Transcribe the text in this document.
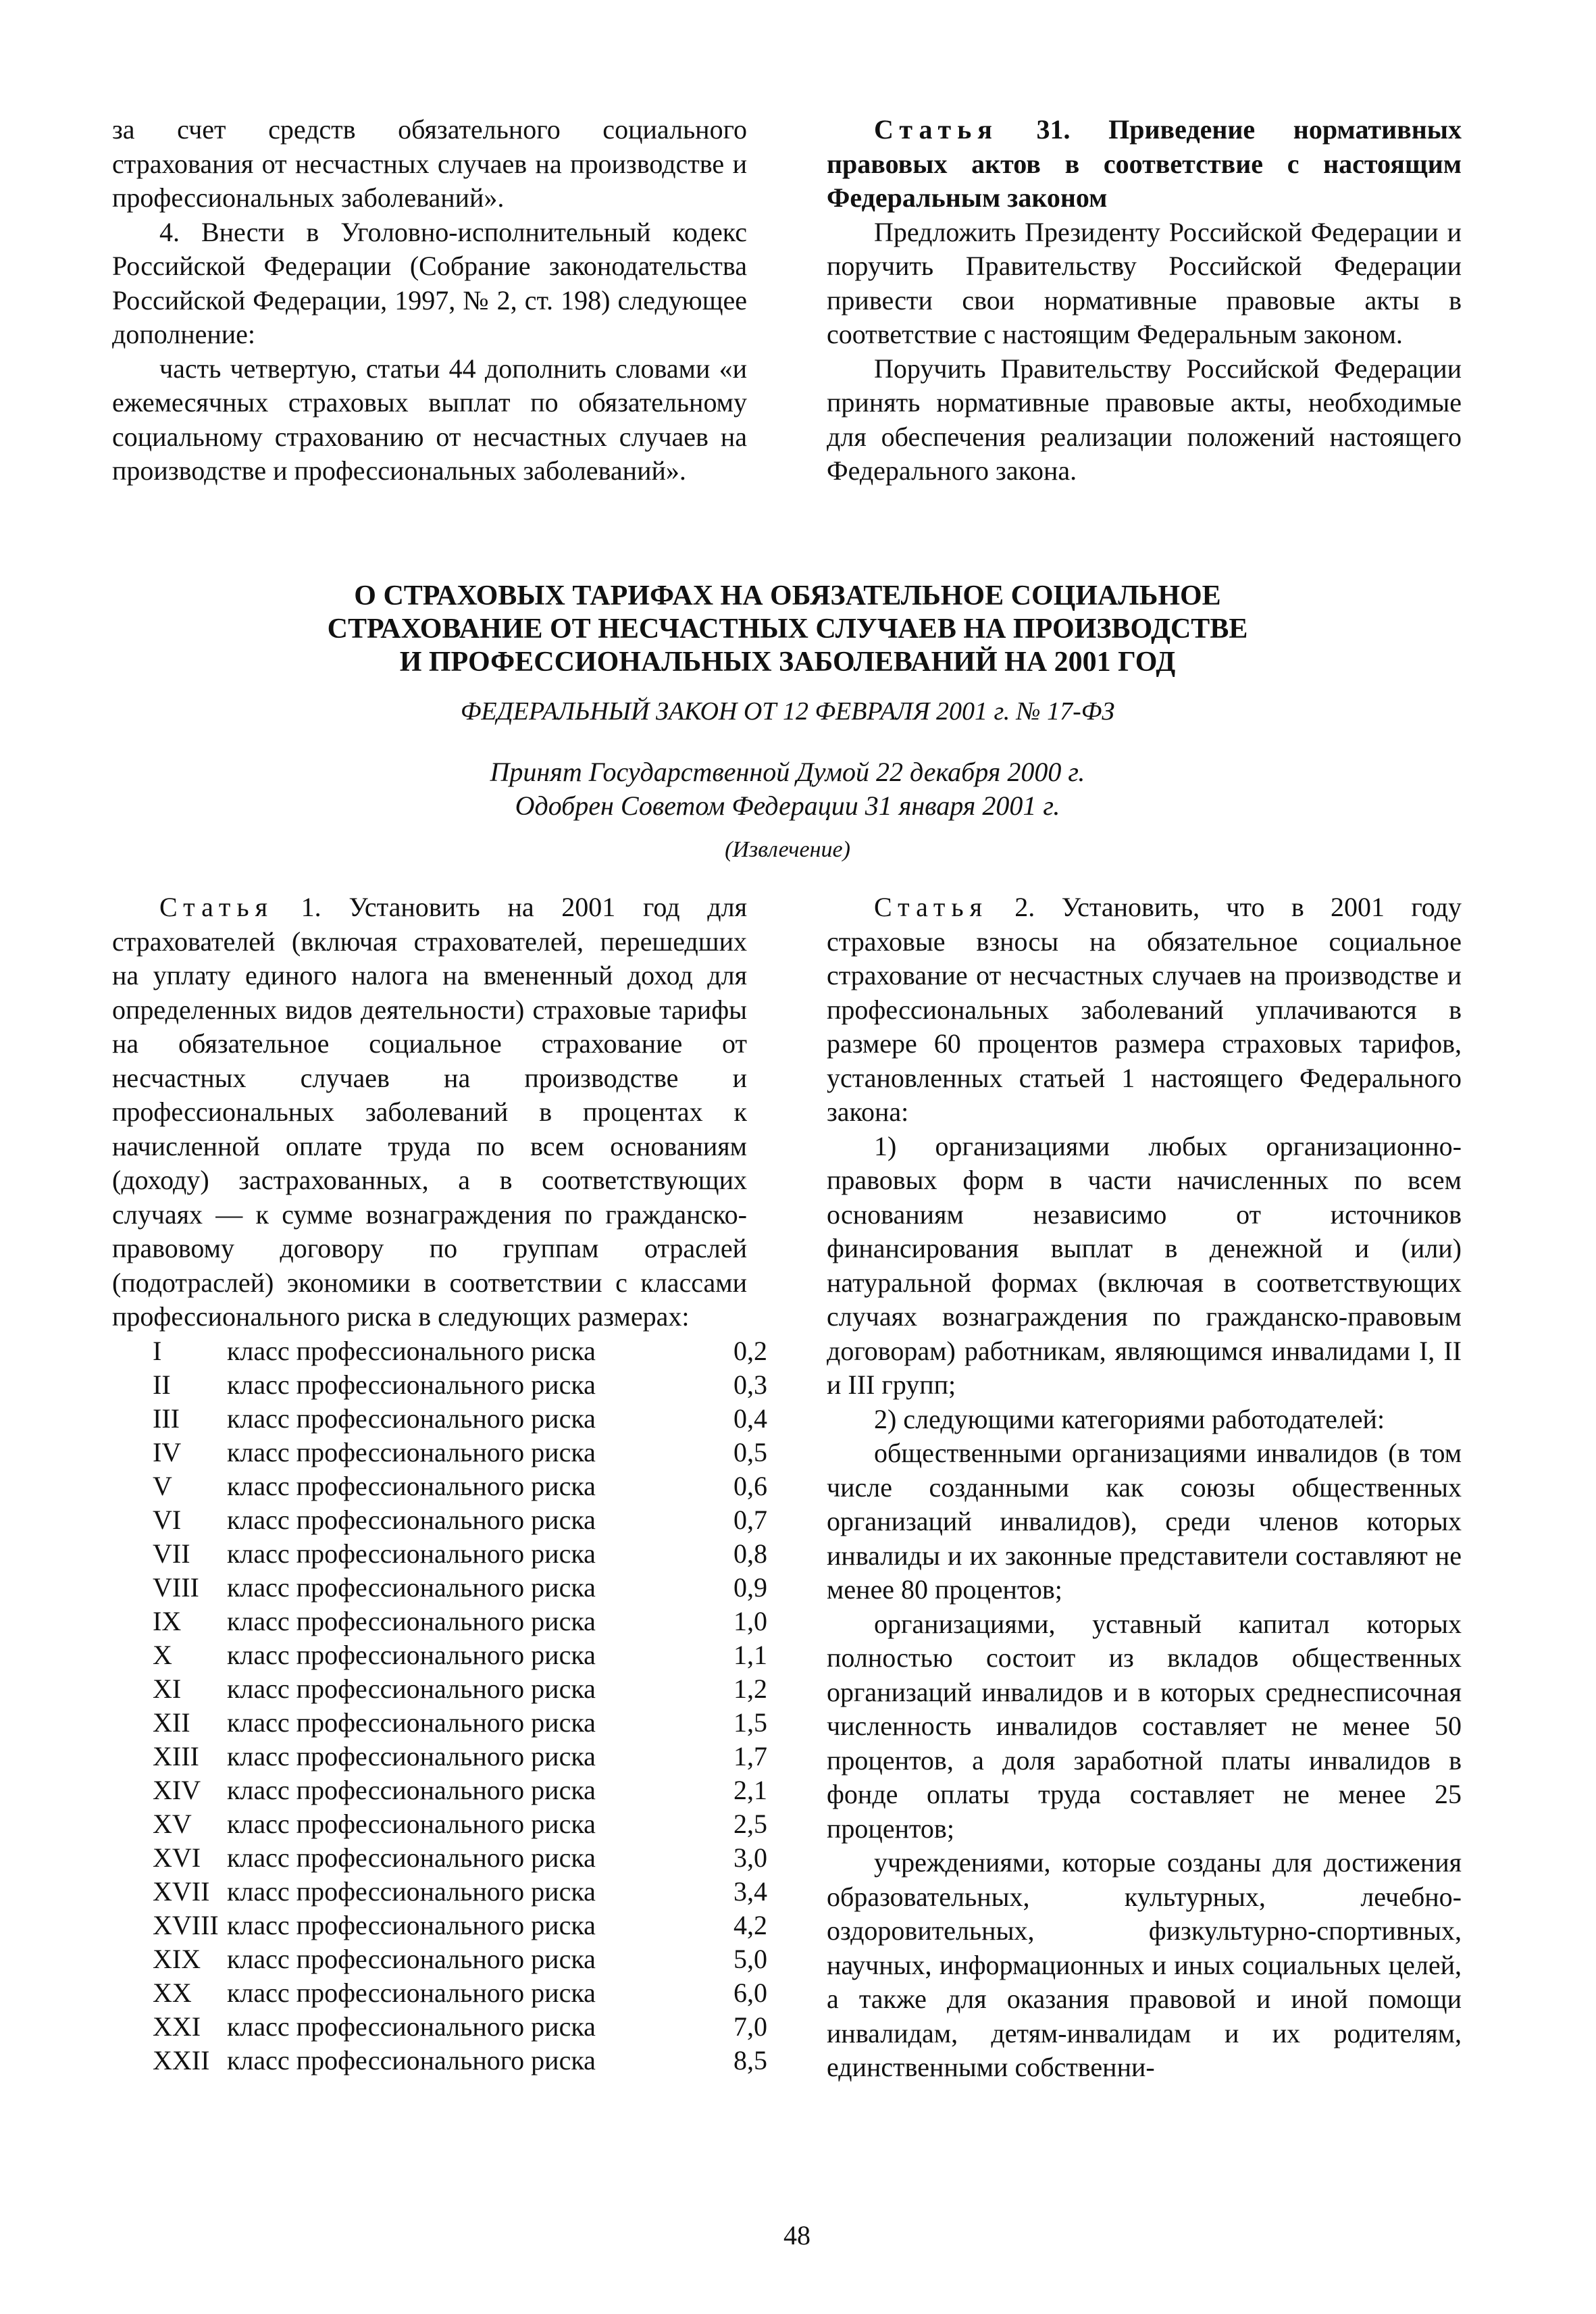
за счет средств обязательного социального страхования от несчастных случаев на производстве и профессиональных заболеваний».

4. Внести в Уголовно-исполнительный кодекс Российской Федерации (Собрание законодательства Российской Федерации, 1997, № 2, ст. 198) следующее дополнение:

часть четвертую, статьи 44 дополнить словами «и ежемесячных страховых выплат по обязательному социальному страхованию от несчастных случаев на производстве и профессиональных заболеваний».

Статья 31. Приведение нормативных правовых актов в соответствие с настоящим Федеральным законом

Предложить Президенту Российской Федерации и поручить Правительству Российской Федерации привести свои нормативные правовые акты в соответствие с настоящим Федеральным законом.

Поручить Правительству Российской Федерации принять нормативные правовые акты, необходимые для обеспечения реализации положений настоящего Федерального закона.

О СТРАХОВЫХ ТАРИФАХ НА ОБЯЗАТЕЛЬНОЕ СОЦИАЛЬНОЕ
СТРАХОВАНИЕ ОТ НЕСЧАСТНЫХ СЛУЧАЕВ НА ПРОИЗВОДСТВЕ
И ПРОФЕССИОНАЛЬНЫХ ЗАБОЛЕВАНИЙ НА 2001 ГОД
ФЕДЕРАЛЬНЫЙ ЗАКОН ОТ 12 ФЕВРАЛЯ 2001 г. № 17-ФЗ
Принят Государственной Думой 22 декабря 2000 г.
Одобрен Советом Федерации 31 января 2001 г.
(Извлечение)

Статья 1. Установить на 2001 год для страхователей (включая страхователей, перешедших на уплату единого налога на вмененный доход для определенных видов деятельности) страховые тарифы на обязательное социальное страхование от несчастных случаев на производстве и профессиональных заболеваний в процентах к начисленной оплате труда по всем основаниям (доходу) застрахованных, а в соответствующих случаях — к сумме вознаграждения по гражданско-правовому договору по группам отраслей (подотраслей) экономики в соответствии с классами профессионального риска в следующих размерах:

I	класс профессионального риска	0,2
II	класс профессионального риска	0,3
III	класс профессионального риска	0,4
IV	класс профессионального риска	0,5
V	класс профессионального риска	0,6
VI	класс профессионального риска	0,7
VII	класс профессионального риска	0,8
VIII	класс профессионального риска	0,9
IX	класс профессионального риска	1,0
X	класс профессионального риска	1,1
XI	класс профессионального риска	1,2
XII	класс профессионального риска	1,5
XIII	класс профессионального риска	1,7
XIV	класс профессионального риска	2,1
XV	класс профессионального риска	2,5
XVI	класс профессионального риска	3,0
XVII	класс профессионального риска	3,4
XVIII	класс профессионального риска	4,2
XIX	класс профессионального риска	5,0
XX	класс профессионального риска	6,0
XXI	класс профессионального риска	7,0
XXII	класс профессионального риска	8,5

Статья 2. Установить, что в 2001 году страховые взносы на обязательное социальное страхование от несчастных случаев на производстве и профессиональных заболеваний уплачиваются в размере 60 процентов размера страховых тарифов, установленных статьей 1 настоящего Федерального закона:

1) организациями любых организационно-правовых форм в части начисленных по всем основаниям независимо от источников финансирования выплат в денежной и (или) натуральной формах (включая в соответствующих случаях вознаграждения по гражданско-правовым договорам) работникам, являющимся инвалидами I, II и III групп;

2) следующими категориями работодателей:

общественными организациями инвалидов (в том числе созданными как союзы общественных организаций инвалидов), среди членов которых инвалиды и их законные представители составляют не менее 80 процентов;

организациями, уставный капитал которых полностью состоит из вкладов общественных организаций инвалидов и в которых среднесписочная численность инвалидов составляет не менее 50 процентов, а доля заработной платы инвалидов в фонде оплаты труда составляет не менее 25 процентов;

учреждениями, которые созданы для достижения образовательных, культурных, лечебно-оздоровительных, физкультурно-спортивных, научных, информационных и иных социальных целей, а также для оказания правовой и иной помощи инвалидам, детям-инвалидам и их родителям, единственными собственни-

48
